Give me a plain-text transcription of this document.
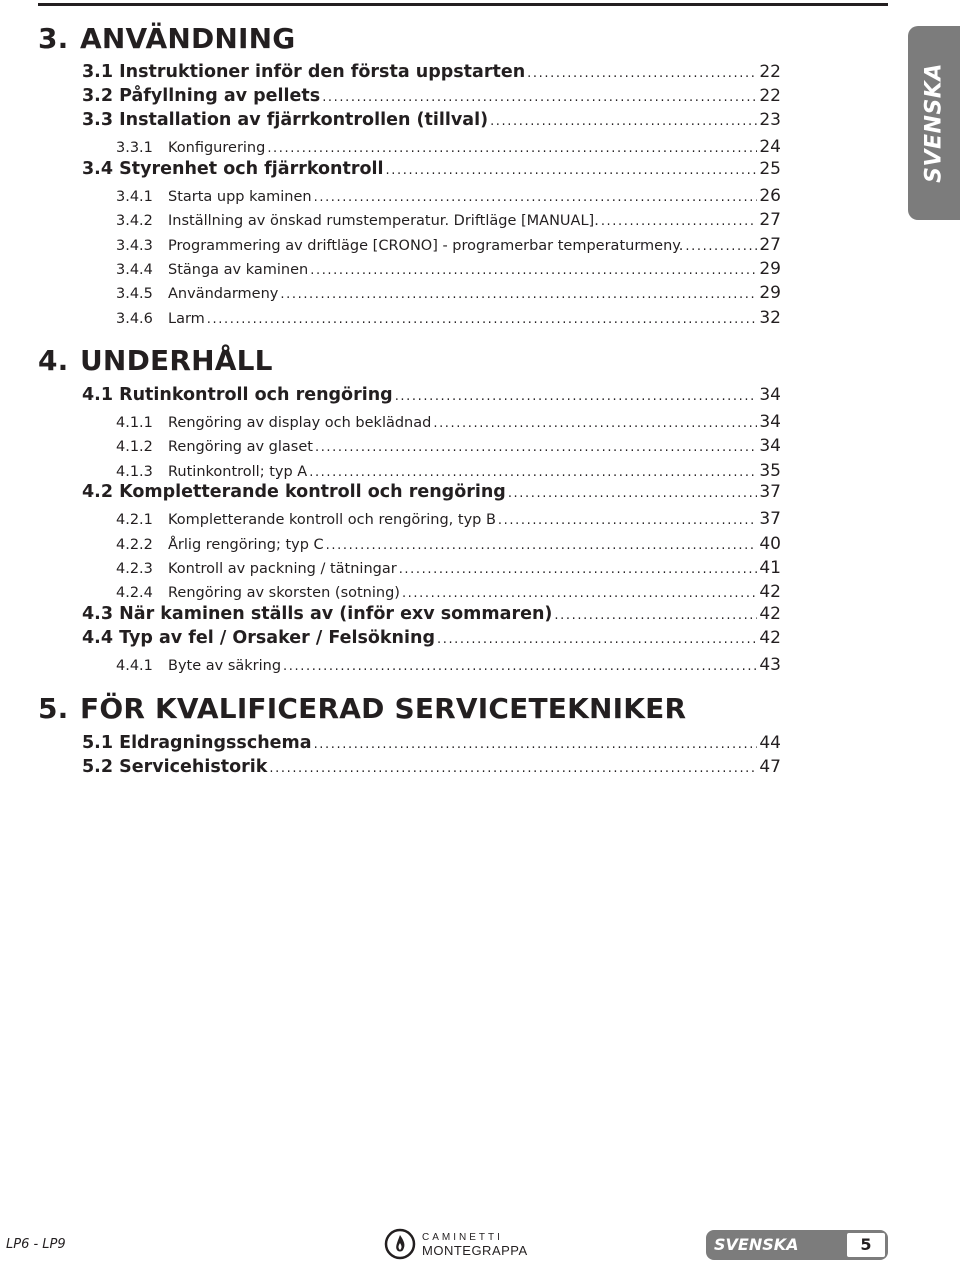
SVENSKA
3. ANVÄNDNING
3.1
Instruktioner inför den första uppstarten .....	22
3.2
Påfyllning av pellets .....	22
3.3
Installation av fjärrkontrollen (tillval) .....	23
3.3.1	Konfigurering .....	24
3.4
Styrenhet och fjärrkontroll .....	25
3.4.1	Starta upp kaminen .....	26
3.4.2	Inställning av önskad rumstemperatur. Driftläge [MANUAL]. .....	27
3.4.3	Programmering av driftläge [CRONO] - programerbar temperaturmeny. .....	27
3.4.4	Stänga av kaminen .....	29
3.4.5	Användarmeny .....	29
3.4.6	Larm .....	32
4. UNDERHÅLL
4.1
Rutinkontroll och rengöring .....	34
4.1.1	Rengöring av display och beklädnad .....	34
4.1.2	Rengöring av glaset .....	34
4.1.3	Rutinkontroll; typ A .....	35
4.2
Kompletterande kontroll och rengöring .....	37
4.2.1	Kompletterande kontroll och rengöring, typ B .....	37
4.2.2	Årlig rengöring; typ C .....	40
4.2.3	Kontroll av packning / tätningar .....	41
4.2.4	Rengöring av skorsten (sotning) .....	42
4.3
När kaminen ställs av (inför exv sommaren) .....	42
4.4
Typ av fel / Orsaker / Felsökning .....	42
4.4.1	Byte av säkring .....	43
5. FÖR KVALIFICERAD SERVICETEKNIKER
5.1
Eldragningsschema .....	44
5.2
Servicehistorik .....	47
LP6 - LP9	CAMINETTI
MONTEGRAPPA	SVENSKA	5
